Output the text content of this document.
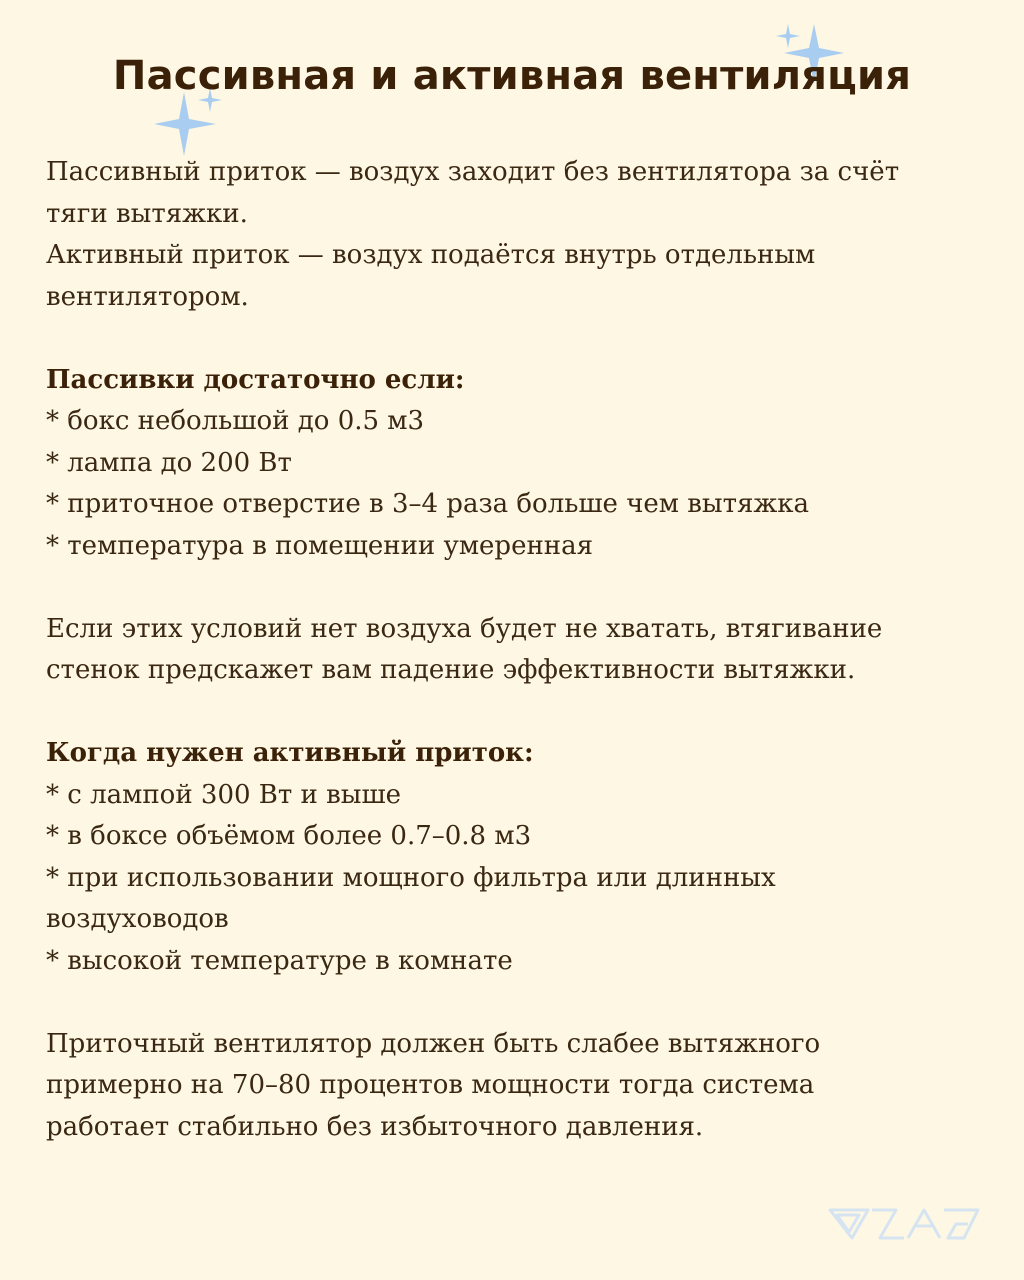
Пассивная и активная вентиляция

Пассивный приток — воздух заходит без вентилятора за счёт

тяги вытяжки.

Активный приток — воздух подаётся внутрь отдельным

вентилятором.

Пассивки достаточно если:

* бокс небольшой до 0.5 м3

* лампа до 200 Вт

* приточное отверстие в 3–4 раза больше чем вытяжка

* температура в помещении умеренная

Если этих условий нет воздуха будет не хватать, втягивание

стенок предскажет вам падение эффективности вытяжки.

Когда нужен активный приток:

* с лампой 300 Вт и выше

* в боксе объёмом более 0.7–0.8 м3

* при использовании мощного фильтра или длинных

воздуховодов

* высокой температуре в комнате

Приточный вентилятор должен быть слабее вытяжного

примерно на 70–80 процентов мощности тогда система

работает стабильно без избыточного давления.
